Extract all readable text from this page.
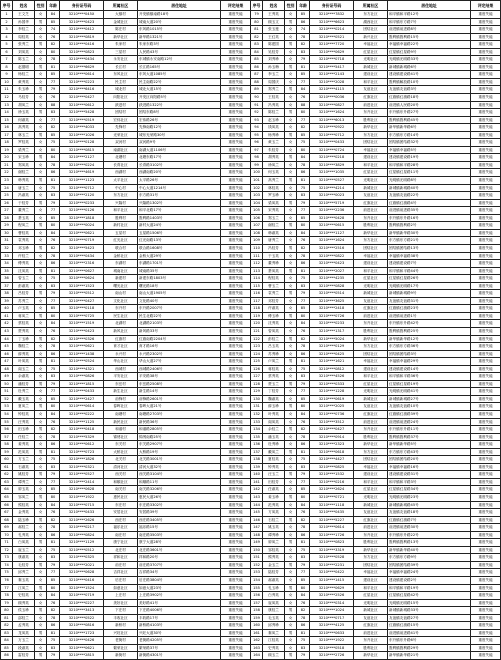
序号	姓名	性别	年龄	身份证号码	所属社区	居住地址	评定结果	序号	姓名	性别	年龄	身份证号码	所属社区	居住地址	评定结果
1	王文芝	女	84	3210****045X	大镇村	开发镇镇南路18号	重度失能	79	王秀英	女	85	3210****7832	东方社区	和平镇和平路12号	重度失能
2	孙国华	男	85	3210****0423	金城社区	城南大道20号	重度失能	80	顾玉文	男	86	3210****6623	湖西社区	和平镇东方路7号	重度失能
3	李桂兰	女	74	3210****0412	陈庄村	东风路1015号	重度失能	81	张玉莲	女	74	3210****0214	团结社区	前进镇前进路8号	重度失能
4	周桂英	女	76	3210****0819	新华社区	新华路1321号	重度失能	82	王红英	女	78	3210****0521	新兴社区	胜利镇胜利路15号	重度失能
5	张秀兰	男	82	3210****0416	朱家村	朱家东路3号	重度失能	83	陈建国	男	82	3210****7720	幸福社区	幸福镇幸福路22号	重度失能
6	刘凤英	女	80	3210****0823	三星村	人民路43号	重度失能	84	吴桂芳	女	83	3210****0629	红星社区	红星镇红星路9号	重度失能
7	陈玉兰	女	78	3210****0434	永安社区	东城镇永安南路12号	重度失能	85	刘秀珍	女	79	3210****0718	光明社区	光明镇光明路33号	重度失能
8	赵德明	男	81	3210****6629	长江村	长江路165号	重度失能	86	孙玉梅	男	81	3210****5417	新城社区	新城镇新城路6号	重度失能
9	杨桂兰	女	85	3210****0614	东风社区	东风大道1085号	重度失能	87	李玉兰	女	85	3210****2143	建设社区	建设镇建设路41号	重度失能
10	黄秀英	女	77	3210****0223	民主村	民主南路22号	重度失能	88	周国庆	女	77	3210****2028	和平社区	胜利镇解放路10号	重度失能
11	朱玉珍	男	79	3210****6416	城北村	城北大道15号	重度失能	89	郑秀兰	男	84	3210****4115	友谊社区	友谊镇友谊路3号	重度失能
12	马桂芳	女	76	3210****0427	向阳社区	开发区向阳路5号	重度失能	90	王桂英	女	76	3210****0036	红旗社区	红旗镇红旗路18号	重度失能
13	胡凤兰	女	88	3210****0612	跃进村	跃进路1322号	重度失能	91	冯秀英	女	88	3210****0827	前进社区	前进镇人民路20号	重度失能
14	徐玉英	男	83	3210****5428	团结村	团结东路8号	重度失能	92	陈桂兰	男	80	3210****1624	东升社区	东升镇东升路27号	重度失能
15	何淑英	女	77	3210****0519	宏伟社区	宏伟路26号	重度失能	93	赵玉珍	女	77	3210****6013	胜利社区	胜利镇胜利路45号	重度失能
16	高秀英	女	82	3210****4033	先锋村	先锋南路12号	重度失能	94	钱凤英	女	82	3210****0922	新华社区	新华镇新华路6号	重度失能
17	林玉兰	男	85	3210****1026	光荣社区	城东光荣路30号	重度失能	95	杨秀珍	男	85	3210****0712	东方社区	东方镇东方路14号	重度失能
18	罗桂英	女	75	3210****0128	双河村	双河路9号	重度失能	96	黄玉兰	女	75	3210****0433	团结社区	团结镇团结路32号	重度失能
19	梁秀兰	女	80	3210****0815	南湖社区	南湖大道1106号	重度失能	97	朱桂芳	女	80	3210****0724	幸福社区	幸福镇幸福路5号	重度失能
20	宋玉珍	男	84	3210****2127	北塘村	北塘东路17号	重度失能	98	胡秀英	男	84	3210****0218	建设社区	建设镇建设路19号	重度失能
21	郑凤英	女	78	3210****0224	长青社区	长青路3102号	重度失能	99	徐凤兰	女	78	3210****3829	和平社区	和平镇和平路28号	重度失能
22	谢桂兰	女	86	3210****4619	西湖村	西湖南路20号	重度失能	100	何玉英	女	86	3210****1035	红星社区	红星镇红星路11号	重度失能
23	韩秀英	男	81	3210****1123	太平社区	太平路26号	重度失能	101	高秀兰	男	81	3210****0527	光明社区	光明镇光明路8号	重度失能
24	唐玉兰	女	75	3210****0712	中心村	中心大道1214号	重度失能	102	林桂英	女	75	3210****4214	新城社区	新城镇新城路40号	重度失能
25	冯淑英	女	83	3210****2120	东方社区	东方路31号	重度失能	103	罗玉珍	女	83	3210****0023	友谊社区	友谊镇友谊路22号	重度失能
26	于桂芳	男	79	3210****0233	兴隆村	兴隆路1302号	重度失能	104	梁凤英	男	79	3210****5719	红旗社区	红旗镇红旗路4号	重度失能
27	董秀兰	女	77	3210****0126	和平社区	和平北路17号	重度失能	105	宋秀英	女	77	3210****2236	前进社区	前进镇前进路35号	重度失能
28	萧玉英	女	85	3210****1818	胜利村	胜利路1403号	重度失能	106	郑玉兰	女	85	3210****0428	东升社区	东升镇东升路16号	重度失能
29	程凤兰	男	80	3210****0024	新村社区	新村大道24号	重度失能	107	谢桂兰	男	80	3210****0615	胜利社区	胜利镇胜利路2号	重度失能
30	曹桂英	女	84	3210****0621	五星村	五星路1506号	重度失能	108	韩淑英	女	84	3210****1127	新华社区	新华镇新华路30号	重度失能
31	袁秀英	女	76	3210****0719	红光社区	红光南路13号	重度失能	109	唐秀兰	女	76	3210****1624	东方社区	东方镇东方路21号	重度失能
32	邓玉珍	男	82	3210****5423	联合村	联合路1608号	重度失能	110	冯桂芳	男	82	3210****2516	团结社区	团结镇团结路13号	重度失能
33	许桂兰	女	78	3210****0434	金桥社区	金桥大道29号	重度失能	111	于玉英	女	78	3210****0822	幸福社区	幸福镇幸福路38号	重度失能
34	傅秀英	女	86	3210****2316	东湖村	东湖路1701号	重度失能	112	董秀珍	女	86	3210****0423	建设社区	建设镇建设路7号	重度失能
35	沈凤英	男	81	3210****0627	城南社区	城南路35号	重度失能	113	萧凤英	男	81	3210****2027	和平社区	和平镇和平路44号	重度失能
36	曾玉兰	女	75	3210****0624	新建村	新建东路1803号	重度失能	114	程桂英	女	75	3210****4235	红星社区	红星镇红星路26号	重度失能
37	彭淑英	女	83	3210****1523	曙光社区	曙光路18号	重度失能	115	曹玉兰	女	83	3210****0828	光明社区	光明镇光明路17号	重度失能
38	吕桂芳	男	79	3210****0512	南山村	南山大道1905号	重度失能	116	袁秀兰	男	79	3210****0514	新城社区	新城镇新城路9号	重度失能
39	苏秀兰	女	77	3210****0427	文化社区	文化路40号	重度失能	117	邓桂芳	女	77	3210****3625	友谊社区	友谊镇友谊路31号	重度失能
40	卢玉英	女	85	3210****0118	东升村	东升路2007号	重度失能	118	许淑英	女	85	3210****2418	红旗社区	红旗镇红旗路23号	重度失能
41	蒋凤兰	男	80	3210****0725	民生社区	民生北路22号	重度失能	119	傅玉珍	男	80	3210****0726	前进社区	前进镇前进路1号	重度失能
42	蔡桂英	女	84	3210****1519	北湖村	北湖路2103号	重度失能	120	沈秀英	女	84	3210****0233	东升社区	东升镇东升路42号	重度失能
43	贾秀英	女	76	3210****0423	新风社区	新风路33号	重度失能	121	曾凤英	女	76	3210****1317	胜利社区	胜利镇胜利路25号	重度失能
44	丁玉珍	男	82	3210****0326	红旗村	红旗南路2204号	重度失能	122	彭桂兰	男	82	3210****5024	新华社区	新华镇新华路12号	重度失能
45	魏桂兰	女	78	3210****0621	育才社区	育才路16号	重度失能	123	吕玉英	女	78	3210****0129	东方社区	东方镇东方路36号	重度失能
46	薛秀英	女	86	3210****1438	永兴村	永兴路2302号	重度失能	124	苏秀珍	女	86	3210****0425	团结社区	团结镇团结路3号	重度失能
47	叶凤英	男	81	3210****0524	华山社区	华山大道27号	重度失能	125	卢凤兰	男	81	3210****1621	幸福社区	幸福镇幸福路29号	重度失能
48	阎玉兰	女	75	3210****4321	西城村	西城路2406号	重度失能	126	蒋桂英	女	75	3210****0812	建设社区	建设镇建设路14号	重度失能
49	余淑英	女	83	3210****0826	平安社区	平安路38号	重度失能	127	蔡秀英	女	83	3210****4526	和平社区	和平镇和平路36号	重度失能
50	潘桂芳	男	79	3210****1815	东岳村	东岳路2508号	重度失能	128	贾玉兰	男	79	3210****0333	红星社区	红星镇红星路19号	重度失能
51	杜秀兰	女	77	3210****0433	新生社区	新生路14号	重度失能	129	丁桂芳	女	77	3210****1228	光明社区	光明镇光明路41号	重度失能
52	戴玉英	女	85	3210****2427	前锋村	前锋路2601号	重度失能	130	魏淑英	女	85	3210****0619	新城社区	新城镇新城路27号	重度失能
53	夏凤兰	男	80	3210****0614	春晖社区	春晖大道21号	重度失能	131	薛玉珍	男	80	3210****2025	友谊社区	友谊镇友谊路10号	重度失能
54	钟桂英	女	84	3210****0222	南塘村	南塘路2703号	重度失能	132	叶秀英	女	84	3210****0736	红旗社区	红旗镇红旗路39号	重度失能
55	汪秀英	女	76	3210****1125	新民社区	新民路36号	重度失能	133	阎凤英	女	76	3210****3512	前进社区	前进镇前进路24号	重度失能
56	田玉珍	男	82	3210****0418	和谐村	和谐路2805号	重度失能	134	余桂兰	男	82	3210****0427	东升社区	东升镇东升路11号	重度失能
57	任桂兰	女	78	3210****5329	锦绣社区	锦绣南路25号	重度失能	135	潘玉英	女	78	3210****0914	胜利社区	胜利镇胜利路37号	重度失能
58	姜秀英	女	86	3210****0612	东关村	东关路2907号	重度失能	136	杜秀珍	女	86	3210****2323	新华社区	新华镇新华路5号	重度失能
59	范凤英	男	81	3210****0723	大桥社区	大桥路19号	重度失能	137	戴凤兰	男	81	3210****0618	东方社区	东方镇东方路43号	重度失能
60	方玉兰	女	75	3210****1826	北关村	北关路3001号	重度失能	138	夏桂英	女	75	3210****4427	团结社区	团结镇团结路20号	重度失能
61	石淑英	女	83	3210****0321	清河社区	清河大道32号	重度失能	139	钟秀英	女	83	3210****0825	幸福社区	幸福镇幸福路16号	重度失能
62	姚桂芳	男	79	3210****0527	西关村	西关路3104号	重度失能	140	汪玉兰	男	79	3210****1532	建设社区	建设镇建设路31号	重度失能
63	谭秀兰	女	77	3210****2414	和顺社区	和顺路11号	重度失能	141	田桂芳	女	77	3210****0216	和平社区	和平镇和平路3号	重度失能
64	廖玉英	女	85	3210****0628	南关村	南关路3206号	重度失能	142	任淑英	女	85	3210****2624	红星社区	红星镇红星路34号	重度失能
65	邹凤兰	男	80	3210****1922	惠民社区	惠民大道26号	重度失能	143	姜玉珍	男	80	3210****0721	光明社区	光明镇光明路23号	重度失能
66	熊桂英	女	84	3210****0715	东庄村	东庄路3302号	重度失能	144	范秀英	女	84	3210****1118	新城社区	新城镇新城路45号	重度失能
67	金秀英	女	76	3210****0433	安居社区	安居路39号	重度失能	145	方凤英	女	76	3210****0435	友谊社区	友谊镇友谊路18号	重度失能
68	陆玉珍	男	82	3210****2626	西庄村	西庄路3405号	重度失能	146	石桂兰	男	82	3210****5227	红旗社区	红旗镇红旗路7号	重度失能
69	郝桂兰	女	78	3210****0217	福乐社区	福乐路15号	重度失能	147	姚玉英	女	78	3210****0614	前进社区	前进镇前进路30号	重度失能
70	孔秀英	女	86	3210****0824	南庄村	南庄路3503号	重度失能	148	谭秀珍	女	86	3210****1726	东升社区	东升镇东升路22号	重度失能
71	白凤英	男	81	3210****1129	康宁社区	康宁大道28号	重度失能	149	廖凤兰	男	81	3210****0823	胜利社区	胜利镇胜利路13号	重度失能
72	崔玉兰	女	75	3210****0512	北庄村	北庄路3601号	重度失能	150	邹桂英	女	75	3210****3319	新华社区	新华镇新华路40号	重度失能
73	康淑英	女	83	3210****0325	祥和社区	祥和路20号	重度失能	151	熊秀英	女	83	3210****0528	东方社区	东方镇东方路9号	重度失能
74	毛桂芳	男	79	3210****2021	前庄村	前庄路3707号	重度失能	152	金玉兰	男	79	3210****2231	团结社区	团结镇团结路39号	重度失能
75	邱秀兰	女	77	3210****0628	吉祥社区	吉祥路34号	重度失能	153	陆桂芳	女	77	3210****0422	幸福社区	幸福镇幸福路24号	重度失能
76	秦玉英	女	85	3210****0416	后庄村	后庄路3804号	重度失能	154	郝淑英	女	85	3210****1415	建设社区	建设镇建设路2号	重度失能
77	江凤兰	男	80	3210****1524	如意社区	如意大道23号	重度失能	155	孔玉珍	男	80	3210****0629	和平社区	和平镇和平路19号	重度失能
78	史桂英	女	84	3210****0719	上庄村	上庄路3902号	重度失能	156	白秀英	女	84	3210****2526	红星社区	红星镇红星路42号	重度失能
79	顾秀英	女	76	3210****0227	美好社区	美好路41号	重度失能	157	崔凤英	女	76	3210****0314	光明社区	光明镇光明路15号	重度失能
80	侯玉珍	男	82	3210****3413	下庄村	下庄路4006号	重度失能	158	康桂兰	男	82	3210****1024	新城社区	新城镇新城路33号	重度失能
81	邵桂兰	女	78	3210****0522	丰收社区	丰收路17号	重度失能	159	毛玉英	女	78	3210****0717	友谊社区	友谊镇友谊路27号	重度失能
82	孟秀英	女	86	3210****0816	新桥村	新桥路4103号	重度失能	160	邱秀珍	女	86	3210****4125	红旗社区	红旗镇红旗路15号	重度失能
83	龙凤英	男	81	3210****1723	兴旺社区	兴旺大道30号	重度失能	161	秦凤兰	男	81	3210****0633	前进社区	前进镇前进路41号	重度失能
84	万玉兰	女	75	3210****0426	老街村	老街路4205号	重度失能	162	江桂英	女	75	3210****1922	东升社区	东升镇东升路6号	重度失能
85	段淑英	女	83	3210****0621	繁荣社区	繁荣路37号	重度失能	163	史秀英	女	83	3210****0518	胜利社区	胜利镇胜利路29号	重度失能
86	雷桂芳	男	79	3210****2815	新街村	新街路4301号	重度失能	164	顾玉兰	男	79	3210****2726	新华社区	新华镇新华路21号	重度失能
